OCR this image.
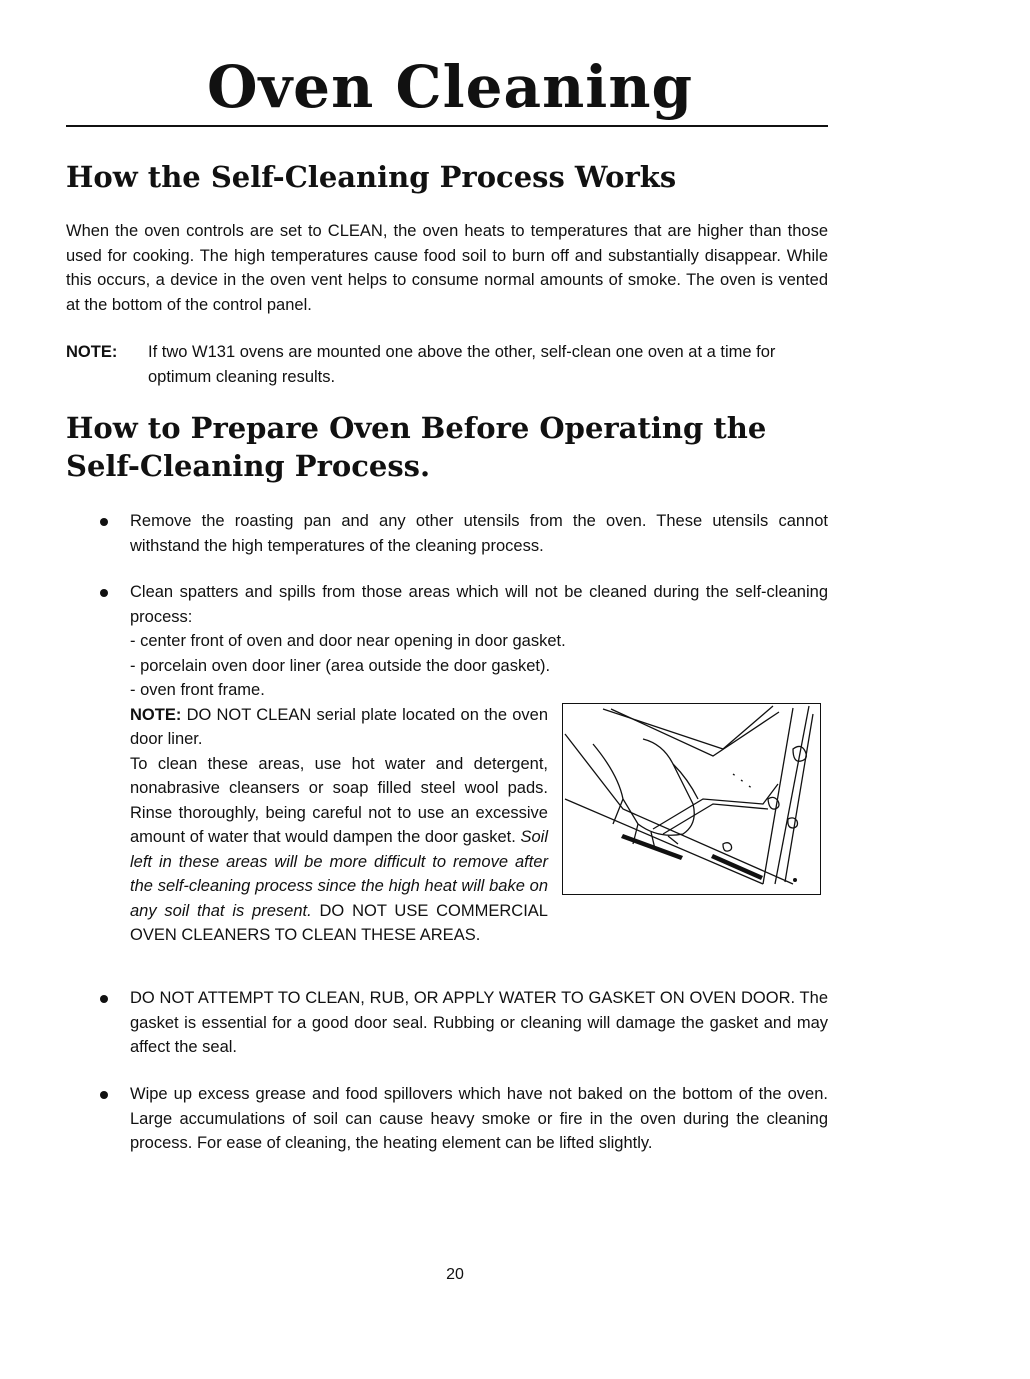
Oven Cleaning
How the Self-Cleaning Process Works

When the oven controls are set to CLEAN, the oven heats to temperatures that are higher than those used for cooking. The high temperatures cause food soil to burn off and substantially disappear. While this occurs, a device in the oven vent helps to consume normal amounts of smoke. The oven is vented at the bottom of the control panel.

NOTE: If two W131 ovens are mounted one above the other, self-clean one oven at a time for optimum cleaning results.
How to Prepare Oven Before Operating the
Self-Cleaning Process.
Remove the roasting pan and any other utensils from the oven. These utensils cannot withstand the high temperatures of the cleaning process.

Clean spatters and spills from those areas which will not be cleaned during the self-cleaning process:

- center front of oven and door near opening in door gasket.
- porcelain oven door liner (area outside the door gasket).
- oven front frame.
NOTE: DO NOT CLEAN serial plate located on the oven door liner.
To clean these areas, use hot water and detergent, nonabrasive cleansers or soap filled steel wool pads. Rinse thoroughly, being careful not to use an excessive amount of water that would dampen the door gasket. Soil left in these areas will be more difficult to remove after the self-cleaning process since the high heat will bake on any soil that is present. DO NOT USE COMMERCIAL OVEN CLEANERS TO CLEAN THESE AREAS.
DO NOT ATTEMPT TO CLEAN, RUB, OR APPLY WATER TO GASKET ON OVEN DOOR. The gasket is essential for a good door seal. Rubbing or cleaning will damage the gasket and may affect the seal.
Wipe up excess grease and food spillovers which have not baked on the bottom of the oven. Large accumulations of soil can cause heavy smoke or fire in the oven during the cleaning process. For ease of cleaning, the heating element can be lifted slightly.
20
